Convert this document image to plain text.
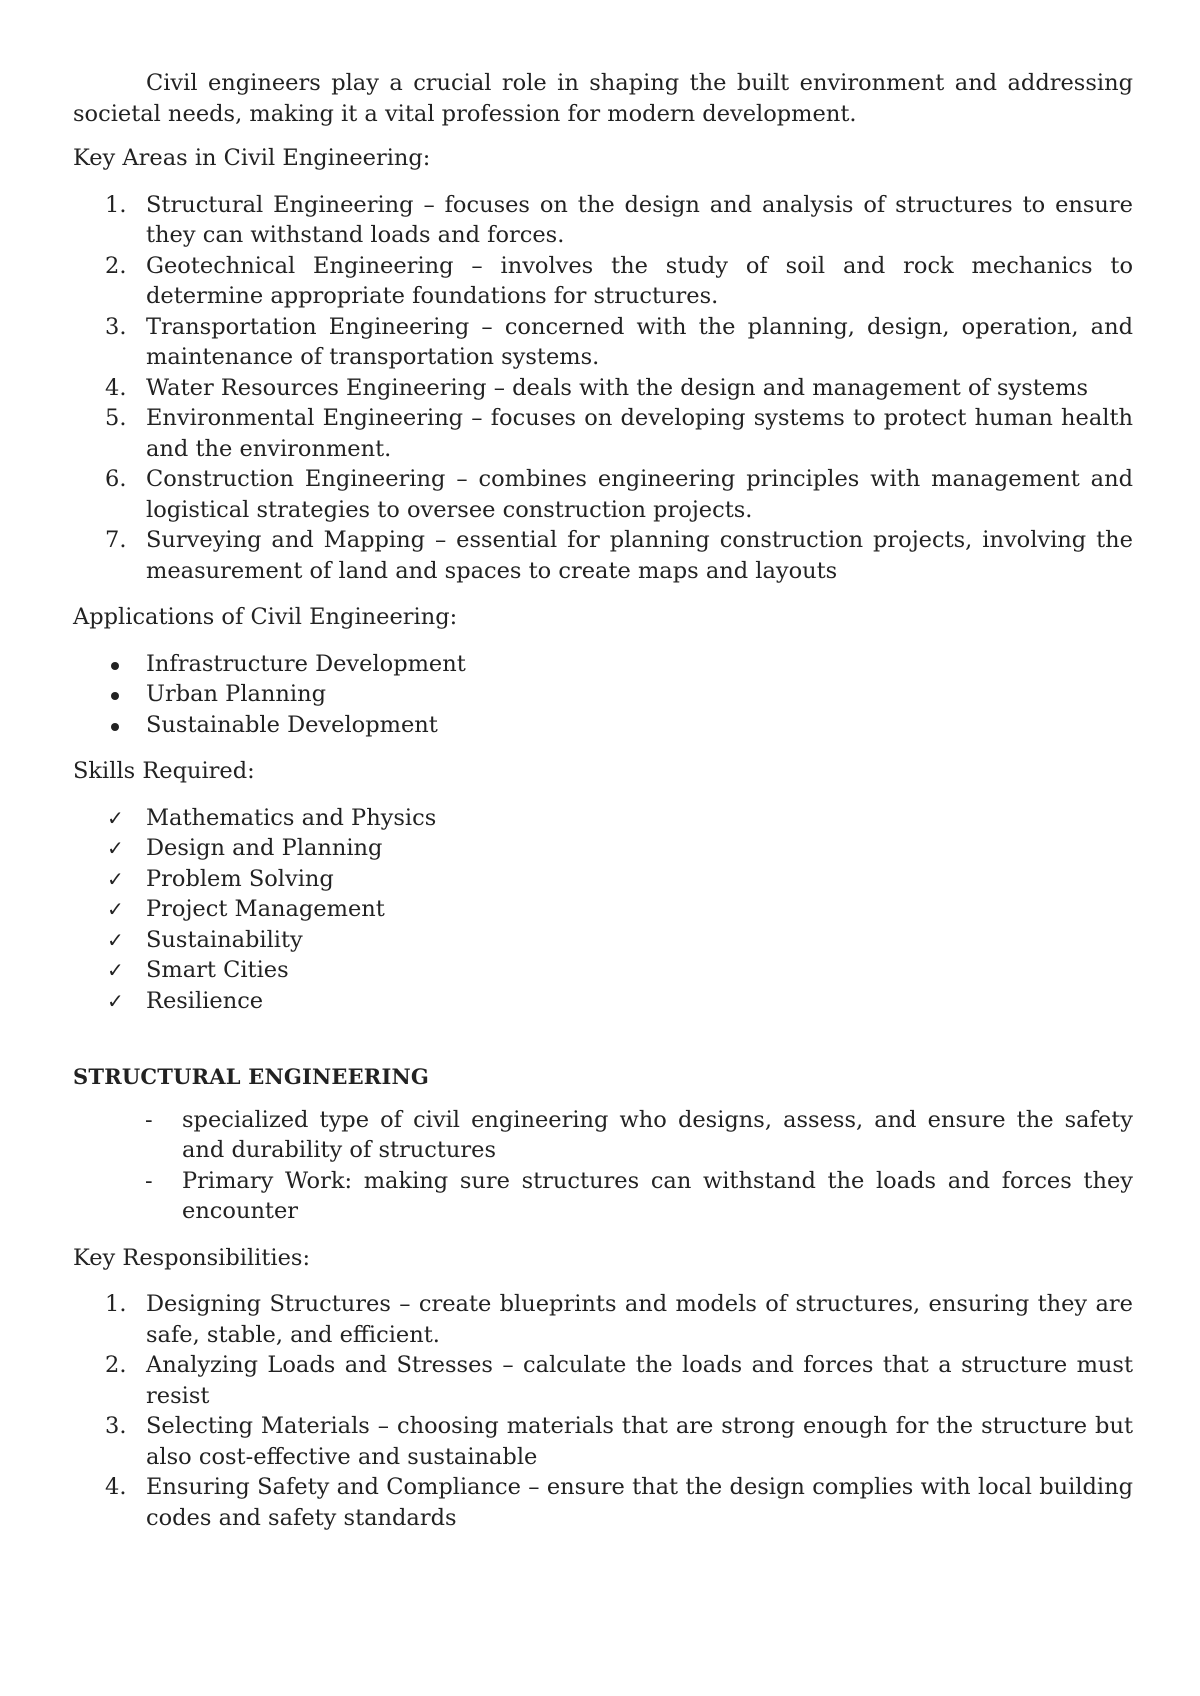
Civil engineers play a crucial role in shaping the built environment and addressing societal needs, making it a vital profession for modern development.

Key Areas in Civil Engineering:

1. Structural Engineering – focuses on the design and analysis of structures to ensure they can withstand loads and forces.
2. Geotechnical Engineering – involves the study of soil and rock mechanics to determine appropriate foundations for structures.
3. Transportation Engineering – concerned with the planning, design, operation, and maintenance of transportation systems.
4. Water Resources Engineering – deals with the design and management of systems
5. Environmental Engineering – focuses on developing systems to protect human health and the environment.
6. Construction Engineering – combines engineering principles with management and logistical strategies to oversee construction projects.
7. Surveying and Mapping – essential for planning construction projects, involving the measurement of land and spaces to create maps and layouts

Applications of Civil Engineering:

Infrastructure Development
Urban Planning
Sustainable Development

Skills Required:

✓ Mathematics and Physics
✓ Design and Planning
✓ Problem Solving
✓ Project Management
✓ Sustainability
✓ Smart Cities
✓ Resilience

STRUCTURAL ENGINEERING

-	specialized type of civil engineering who designs, assess, and ensure the safety and durability of structures
-	Primary Work: making sure structures can withstand the loads and forces they encounter

Key Responsibilities:

1. Designing Structures – create blueprints and models of structures, ensuring they are safe, stable, and efficient.
2. Analyzing Loads and Stresses – calculate the loads and forces that a structure must resist
3. Selecting Materials – choosing materials that are strong enough for the structure but also cost-effective and sustainable
4. Ensuring Safety and Compliance – ensure that the design complies with local building codes and safety standards
